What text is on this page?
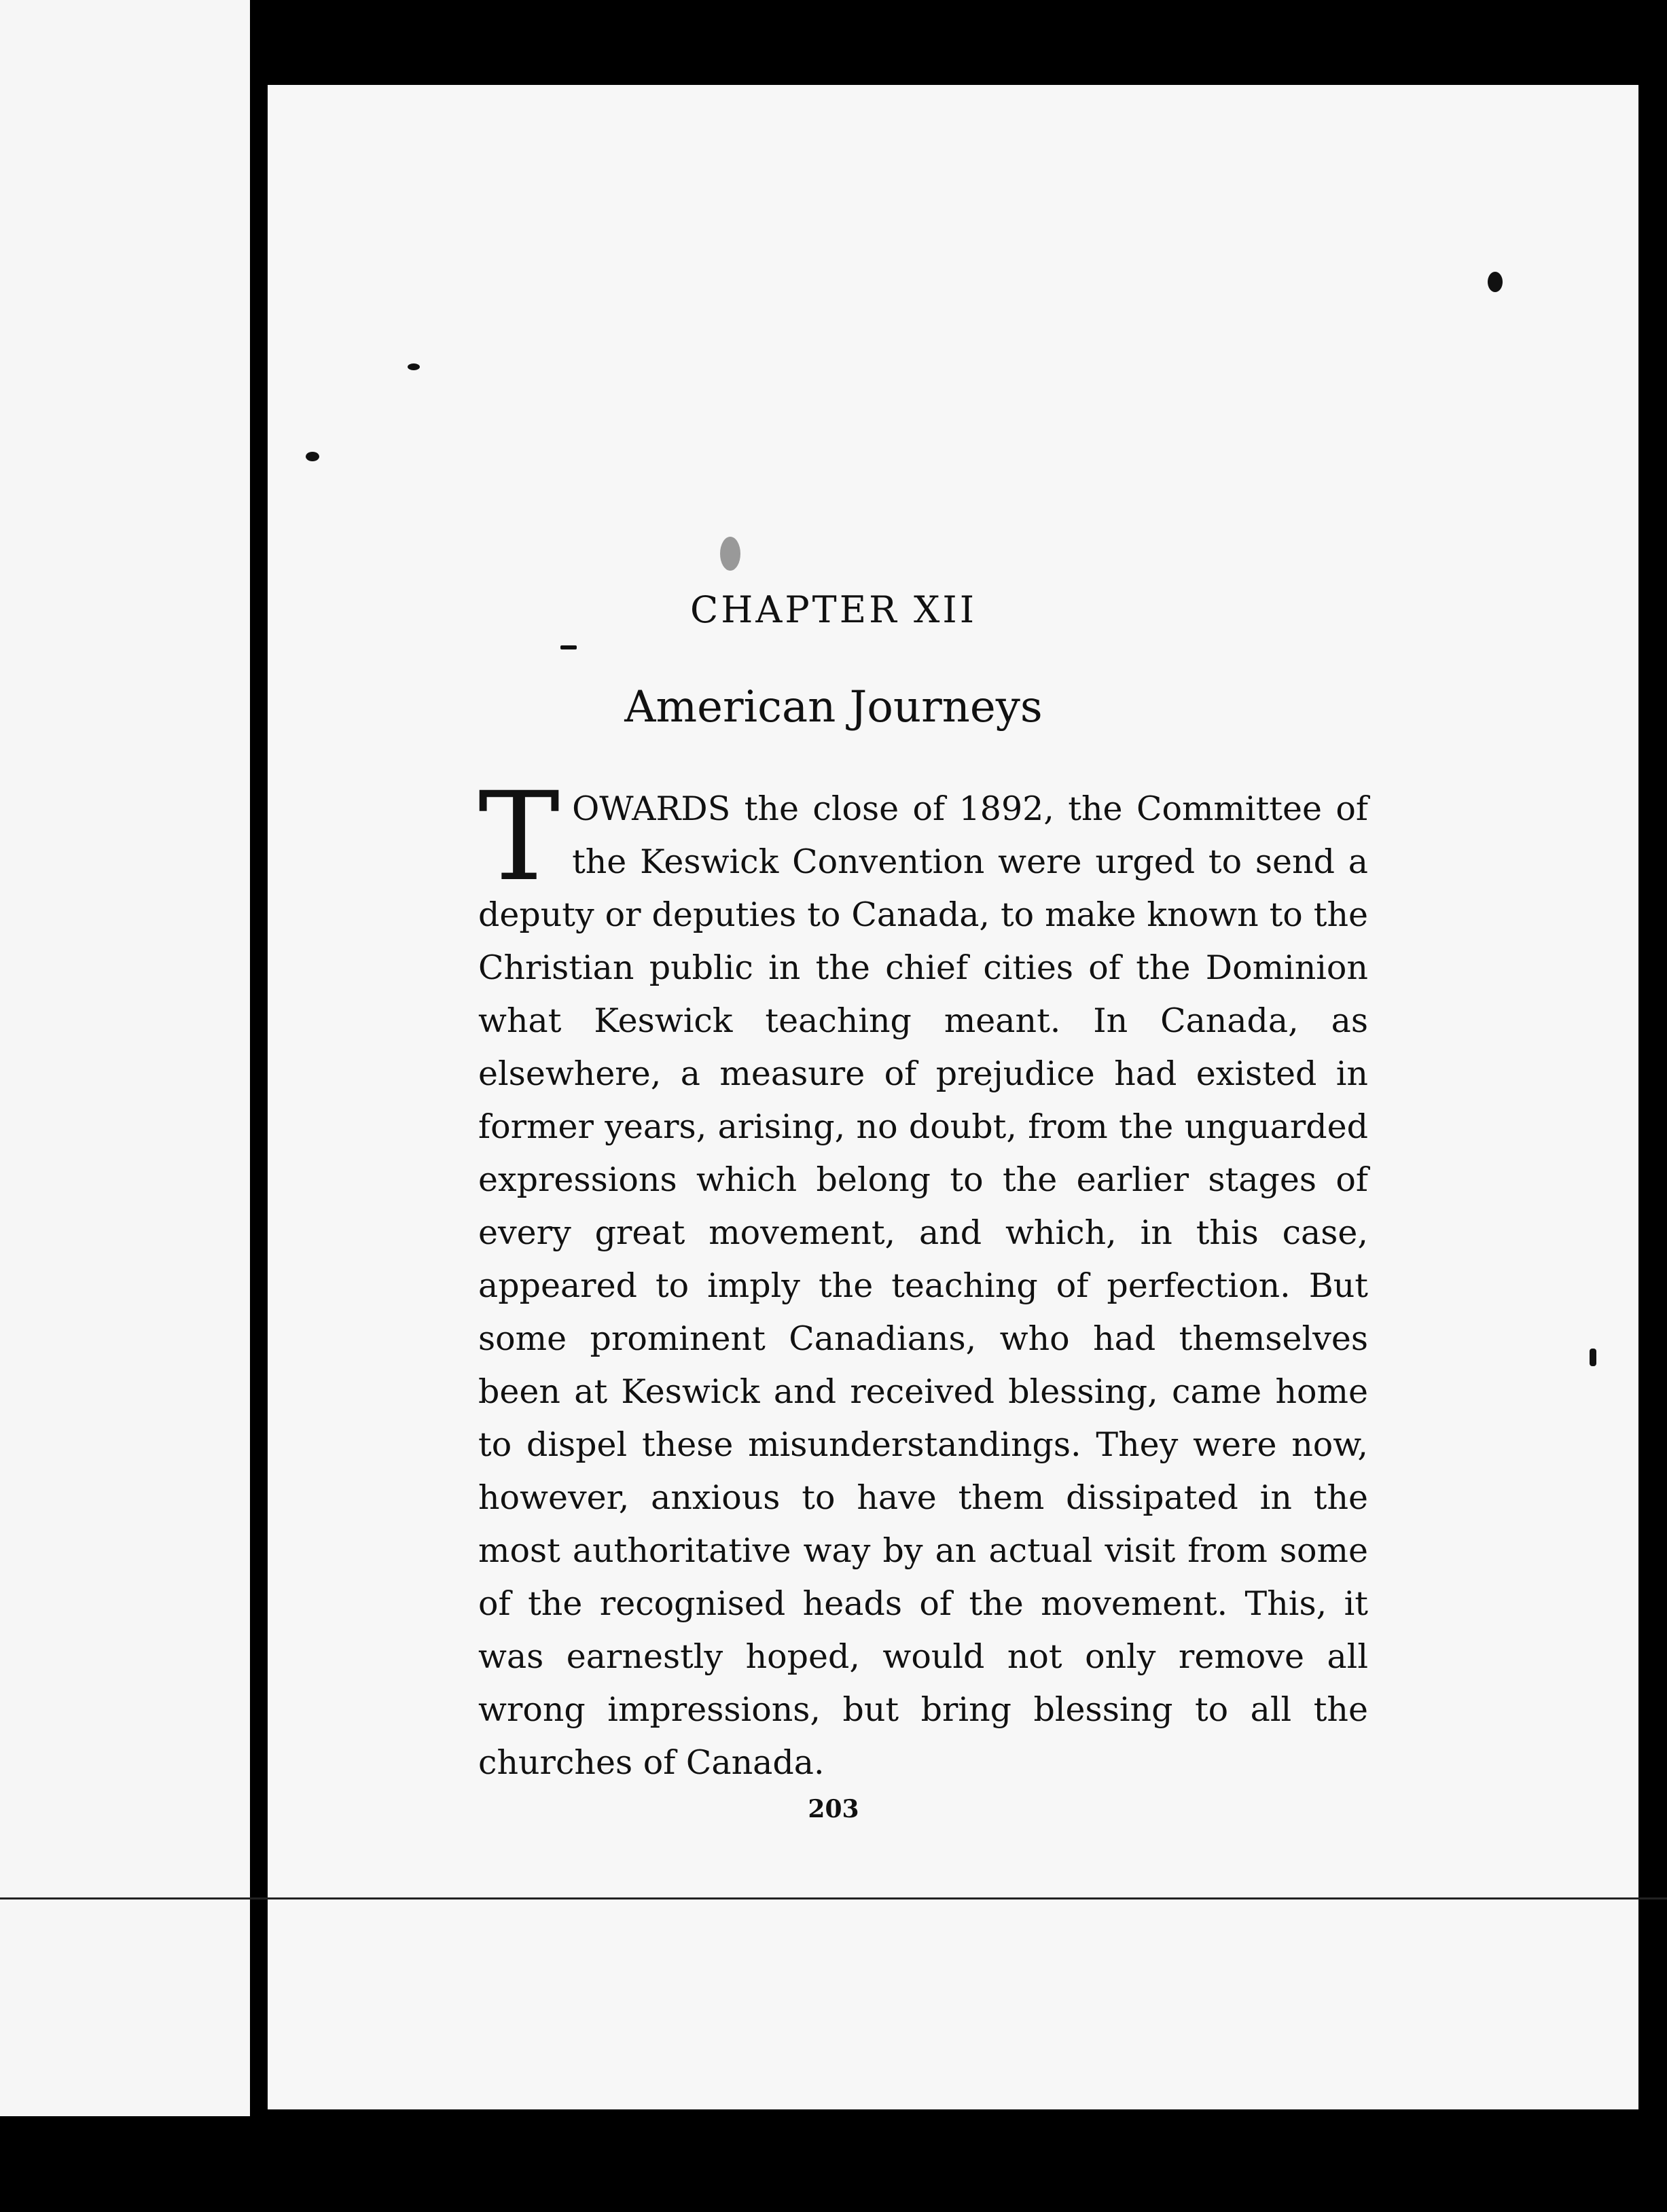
CHAPTER XII
American Journeys
T OWARDS the close of 1892, the Committee of the Keswick Convention were urged to send a deputy or deputies to Canada, to make known to the Christian public in the chief cities of the Dominion what Keswick teaching meant. In Canada, as elsewhere, a measure of prejudice had existed in former years, arising, no doubt, from the unguarded expressions which belong to the earlier stages of every great movement, and which, in this case, appeared to imply the teaching of perfection. But some prominent Canadians, who had themselves been at Keswick and received blessing, came home to dispel these misunderstandings. They were now, however, anxious to have them dissipated in the most authoritative way by an actual visit from some of the recognised heads of the movement. This, it was earnestly hoped, would not only remove all wrong impressions, but bring blessing to all the churches of Canada.
203
